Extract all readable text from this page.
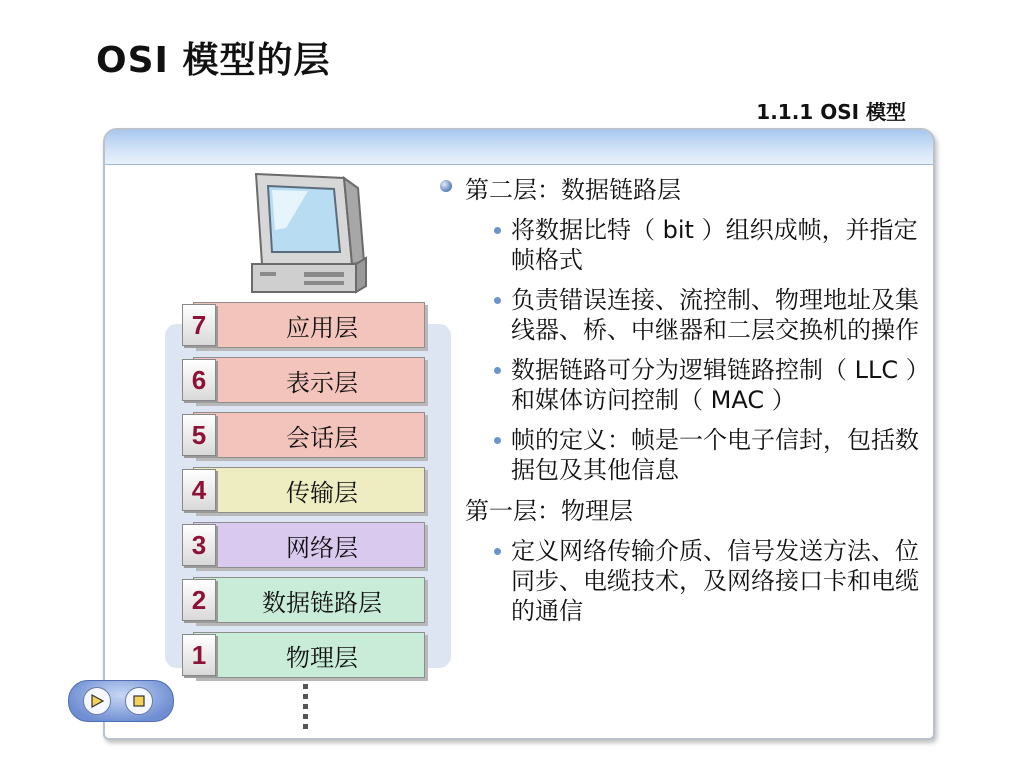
OSI 模型的层
1.1.1 OSI 模型
7	应用层
6	表示层
5	会话层
4	传输层
3	网络层
2	数据链路层
1	物理层
第二层：数据链路层
将数据比特（ bit ）组织成帧，并指定帧格式
负责错误连接、流控制、物理地址及集线器、桥、中继器和二层交换机的操作
数据链路可分为逻辑链路控制（ LLC ）和媒体访问控制（ MAC ）
帧的定义：帧是一个电子信封，包括数据包及其他信息
第一层：物理层
定义网络传输介质、信号发送方法、位同步、电缆技术，及网络接口卡和电缆的通信
